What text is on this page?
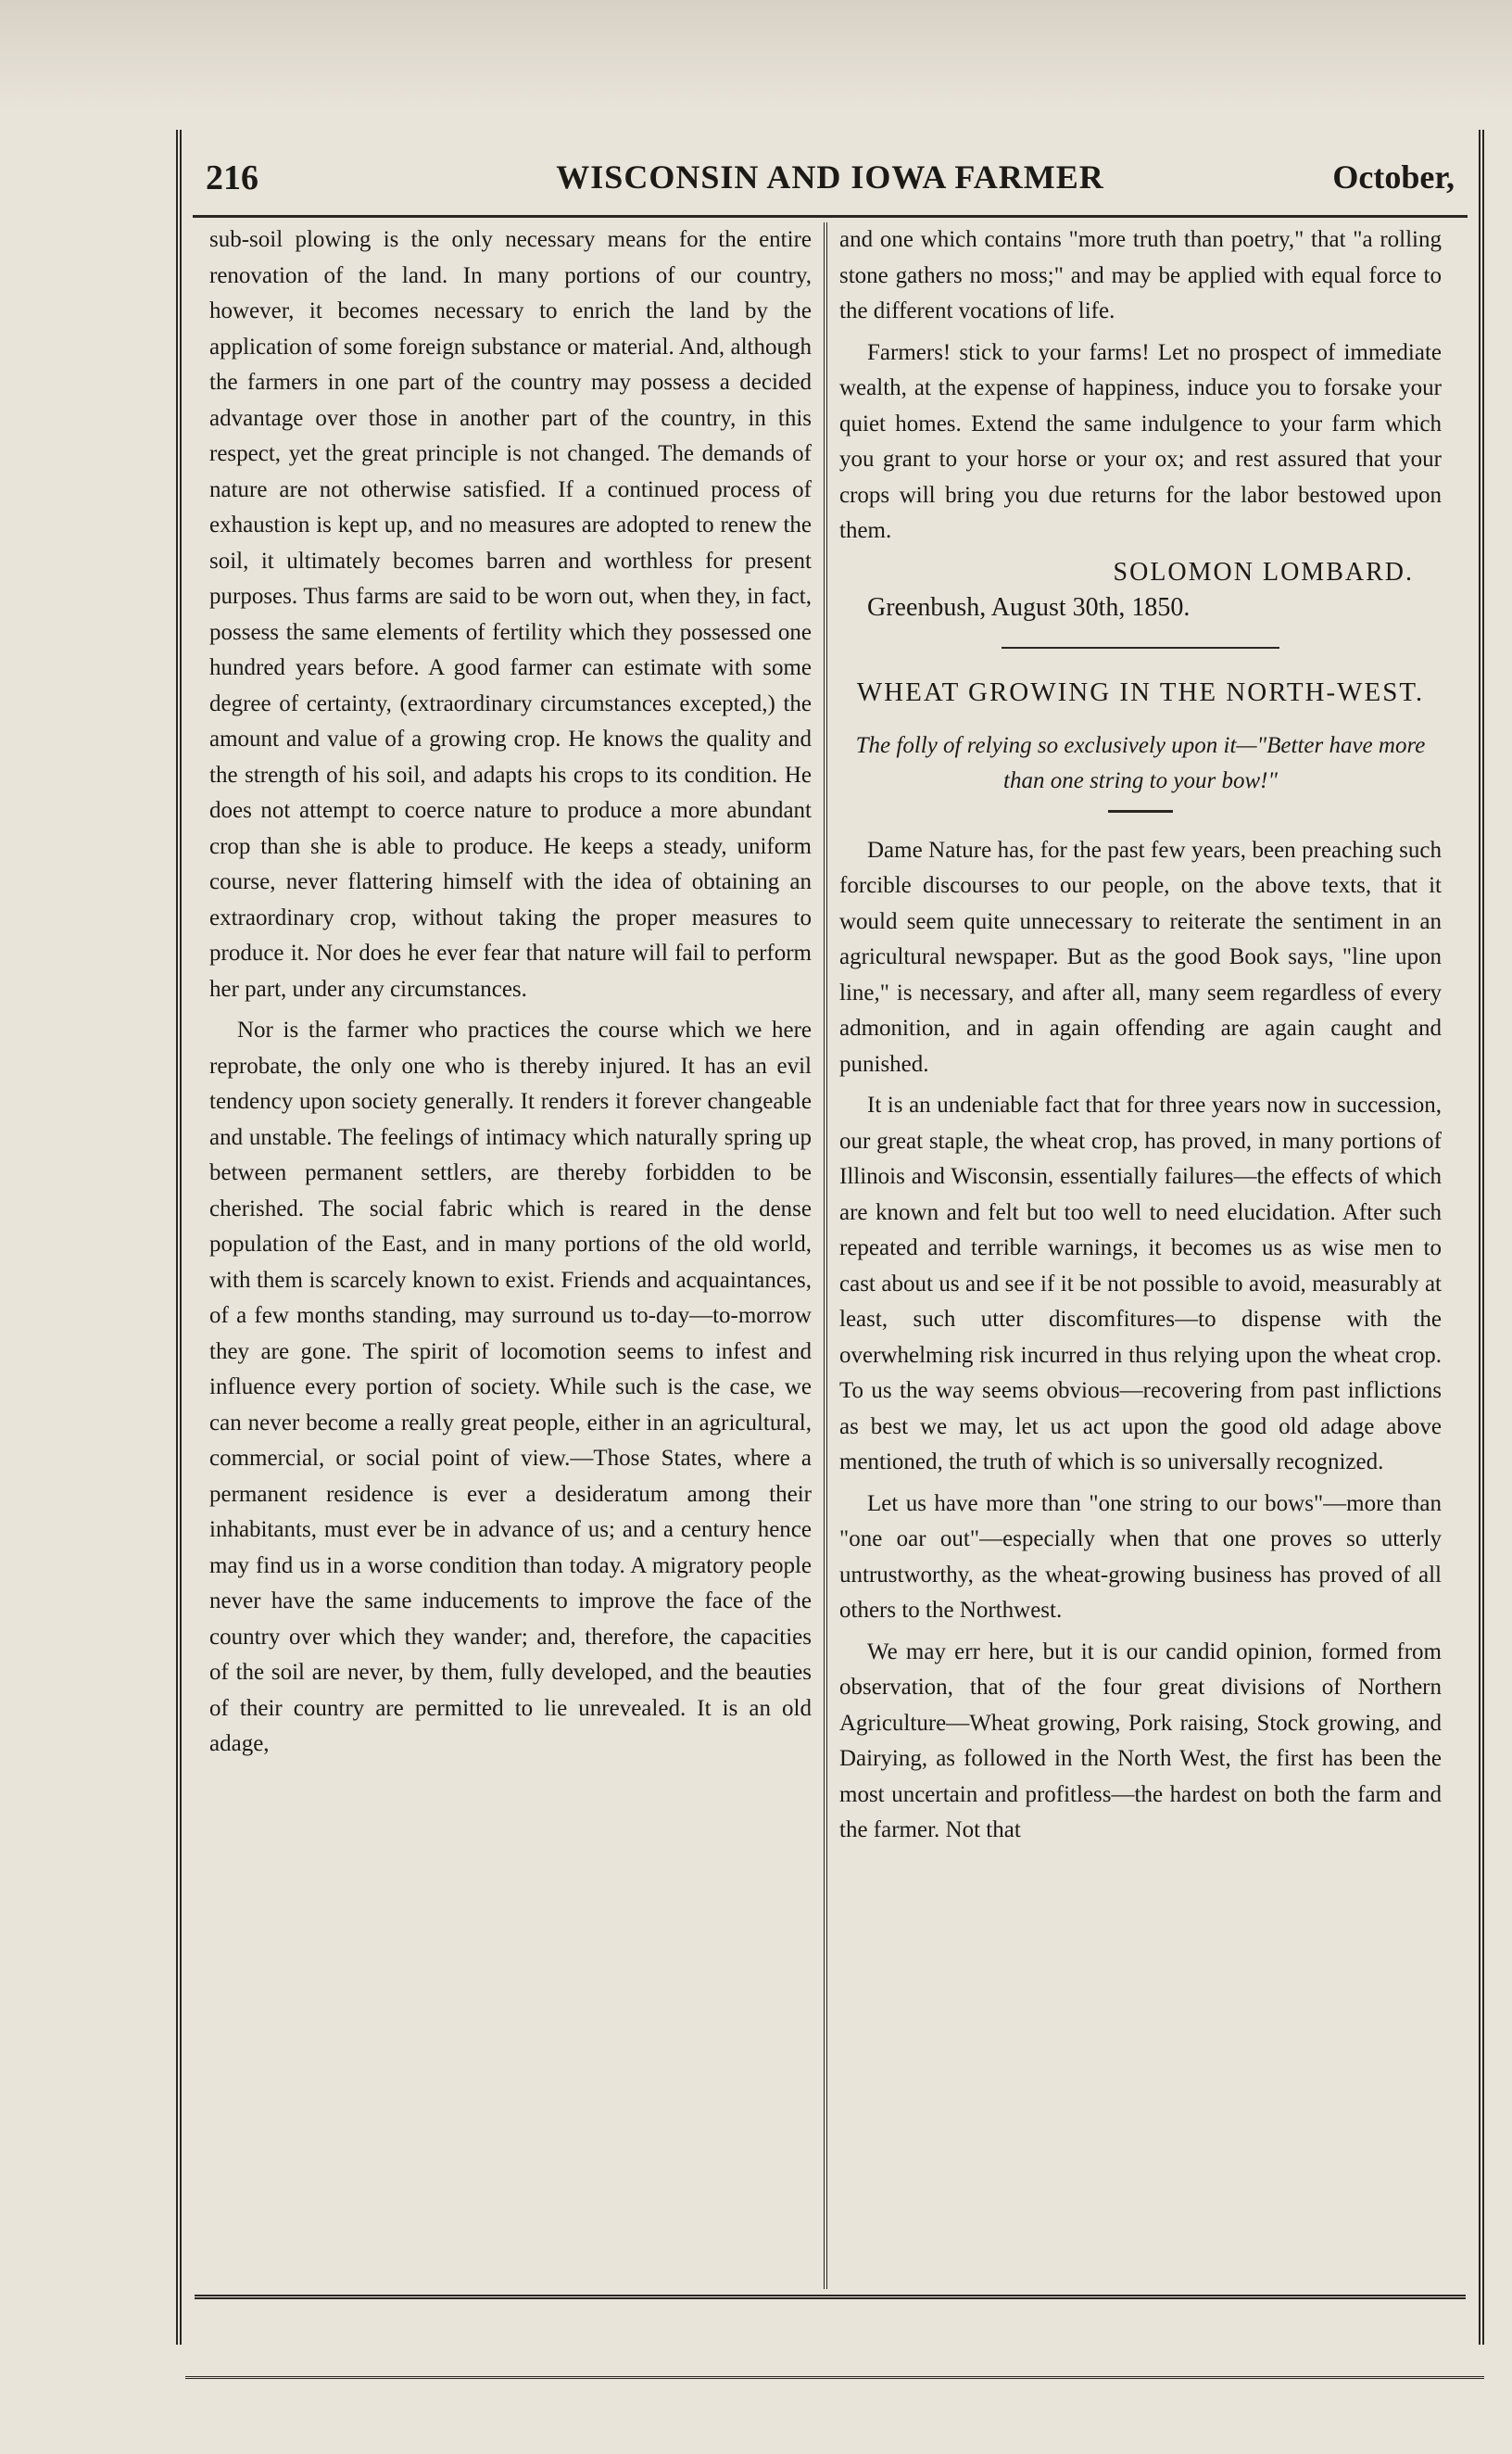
216	WISCONSIN AND IOWA FARMER	October,

sub-soil plowing is the only necessary means for the entire renovation of the land. In many portions of our country, however, it becomes necessary to enrich the land by the application of some foreign substance or material. And, although the farmers in one part of the country may possess a decided advantage over those in another part of the country, in this respect, yet the great principle is not changed. The demands of nature are not otherwise satisfied. If a continued process of exhaustion is kept up, and no measures are adopted to renew the soil, it ultimately becomes barren and worthless for present purposes. Thus farms are said to be worn out, when they, in fact, possess the same elements of fertility which they possessed one hundred years before. A good farmer can estimate with some degree of certainty, (extraordinary circumstances excepted,) the amount and value of a growing crop. He knows the quality and the strength of his soil, and adapts his crops to its condition. He does not attempt to coerce nature to produce a more abundant crop than she is able to produce. He keeps a steady, uniform course, never flattering himself with the idea of obtaining an extraordinary crop, without taking the proper measures to produce it. Nor does he ever fear that nature will fail to perform her part, under any circumstances.

Nor is the farmer who practices the course which we here reprobate, the only one who is thereby injured. It has an evil tendency upon society generally. It renders it forever changeable and unstable. The feelings of intimacy which naturally spring up between permanent settlers, are thereby forbidden to be cherished. The social fabric which is reared in the dense population of the East, and in many portions of the old world, with them is scarcely known to exist. Friends and acquaintances, of a few months standing, may surround us to-day—to-morrow they are gone. The spirit of locomotion seems to infest and influence every portion of society. While such is the case, we can never become a really great people, either in an agricultural, commercial, or social point of view.—Those States, where a permanent residence is ever a desideratum among their inhabitants, must ever be in advance of us; and a century hence may find us in a worse condition than today. A migratory people never have the same inducements to improve the face of the country over which they wander; and, therefore, the capacities of the soil are never, by them, fully developed, and the beauties of their country are permitted to lie unrevealed. It is an old adage,

and one which contains "more truth than poetry," that "a rolling stone gathers no moss;" and may be applied with equal force to the different vocations of life.

Farmers! stick to your farms! Let no prospect of immediate wealth, at the expense of happiness, induce you to forsake your quiet homes. Extend the same indulgence to your farm which you grant to your horse or your ox; and rest assured that your crops will bring you due returns for the labor bestowed upon them.

SOLOMON LOMBARD.
Greenbush, August 30th, 1850.
WHEAT GROWING IN THE NORTH-WEST.
The folly of relying so exclusively upon it—"Better have more than one string to your bow!"

Dame Nature has, for the past few years, been preaching such forcible discourses to our people, on the above texts, that it would seem quite unnecessary to reiterate the sentiment in an agricultural newspaper. But as the good Book says, "line upon line," is necessary, and after all, many seem regardless of every admonition, and in again offending are again caught and punished.

It is an undeniable fact that for three years now in succession, our great staple, the wheat crop, has proved, in many portions of Illinois and Wisconsin, essentially failures—the effects of which are known and felt but too well to need elucidation. After such repeated and terrible warnings, it becomes us as wise men to cast about us and see if it be not possible to avoid, measurably at least, such utter discomfitures—to dispense with the overwhelming risk incurred in thus relying upon the wheat crop. To us the way seems obvious—recovering from past inflictions as best we may, let us act upon the good old adage above mentioned, the truth of which is so universally recognized.

Let us have more than "one string to our bows"—more than "one oar out"—especially when that one proves so utterly untrustworthy, as the wheat-growing business has proved of all others to the Northwest.

We may err here, but it is our candid opinion, formed from observation, that of the four great divisions of Northern Agriculture—Wheat growing, Pork raising, Stock growing, and Dairying, as followed in the North West, the first has been the most uncertain and profitless—the hardest on both the farm and the farmer. Not that
